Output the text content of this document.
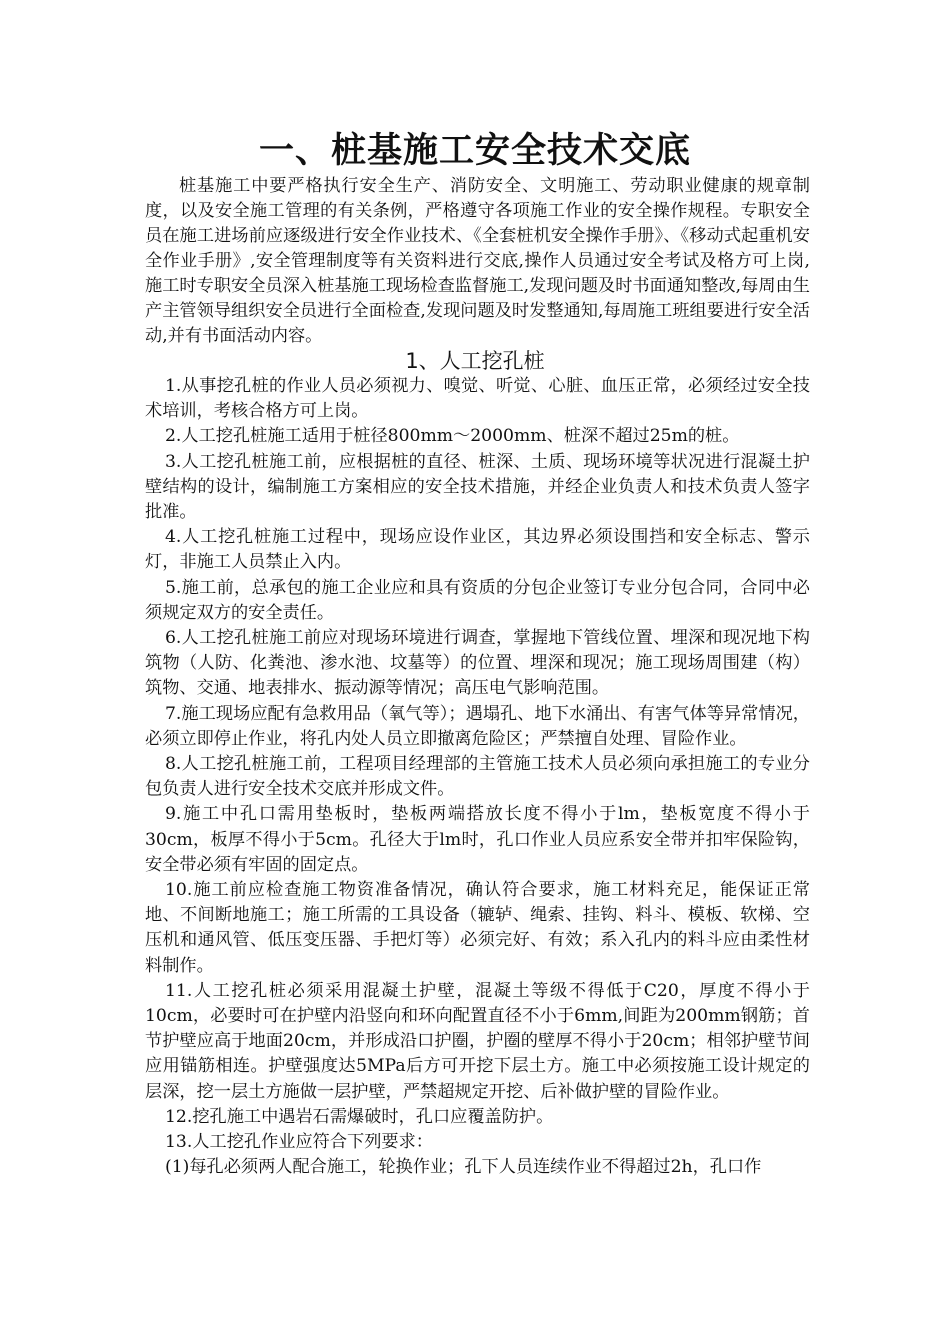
一、桩基施工安全技术交底

桩基施工中要严格执行安全生产、消防安全、文明施工、劳动职业健康的规章制度，以及安全施工管理的有关条例，严格遵守各项施工作业的安全操作规程。专职安全员在施工进场前应逐级进行安全作业技术、《全套桩机安全操作手册》、《移动式起重机安全作业手册》,安全管理制度等有关资料进行交底,操作人员通过安全考试及格方可上岗,施工时专职安全员深入桩基施工现场检查监督施工,发现问题及时书面通知整改,每周由生产主管领导组织安全员进行全面检查,发现问题及时发整通知,每周施工班组要进行安全活动,并有书面活动内容。

1、人工挖孔桩

1.从事挖孔桩的作业人员必须视力、嗅觉、听觉、心脏、血压正常，必须经过安全技术培训，考核合格方可上岗。

2.人工挖孔桩施工适用于桩径800mm～2000mm、桩深不超过25m的桩。

3.人工挖孔桩施工前，应根据桩的直径、桩深、土质、现场环境等状况进行混凝土护壁结构的设计，编制施工方案相应的安全技术措施，并经企业负责人和技术负责人签字批准。

4.人工挖孔桩施工过程中，现场应设作业区，其边界必须设围挡和安全标志、警示灯，非施工人员禁止入内。

5.施工前，总承包的施工企业应和具有资质的分包企业签订专业分包合同，合同中必须规定双方的安全责任。

6.人工挖孔桩施工前应对现场环境进行调查，掌握地下管线位置、埋深和现况地下构筑物（人防、化粪池、渗水池、坟墓等）的位置、埋深和现况；施工现场周围建（构）筑物、交通、地表排水、振动源等情况；高压电气影响范围。

7.施工现场应配有急救用品（氧气等）；遇塌孔、地下水涌出、有害气体等异常情况，必须立即停止作业，将孔内处人员立即撤离危险区；严禁擅自处理、冒险作业。

8.人工挖孔桩施工前，工程项目经理部的主管施工技术人员必须向承担施工的专业分包负责人进行安全技术交底并形成文件。

9.施工中孔口需用垫板时，垫板两端搭放长度不得小于lm，垫板宽度不得小于30cm，板厚不得小于5cm。孔径大于lm时，孔口作业人员应系安全带并扣牢保险钩，安全带必须有牢固的固定点。

10.施工前应检查施工物资准备情况，确认符合要求，施工材料充足，能保证正常地、不间断地施工；施工所需的工具设备（辘轳、绳索、挂钩、料斗、模板、软梯、空压机和通风管、低压变压器、手把灯等）必须完好、有效；系入孔内的料斗应由柔性材料制作。

11.人工挖孔桩必须采用混凝土护壁，混凝土等级不得低于C20，厚度不得小于10cm，必要时可在护壁内沿竖向和环向配置直径不小于6mm,间距为200mm钢筋；首节护壁应高于地面20cm，并形成沿口护圈，护圈的壁厚不得小于20cm；相邻护壁节间应用锚筋相连。护壁强度达5MPa后方可开挖下层土方。施工中必须按施工设计规定的层深，挖一层土方施做一层护壁，严禁超规定开挖、后补做护壁的冒险作业。

12.挖孔施工中遇岩石需爆破时，孔口应覆盖防护。

13.人工挖孔作业应符合下列要求：

(1)每孔必须两人配合施工，轮换作业；孔下人员连续作业不得超过2h，孔口作
